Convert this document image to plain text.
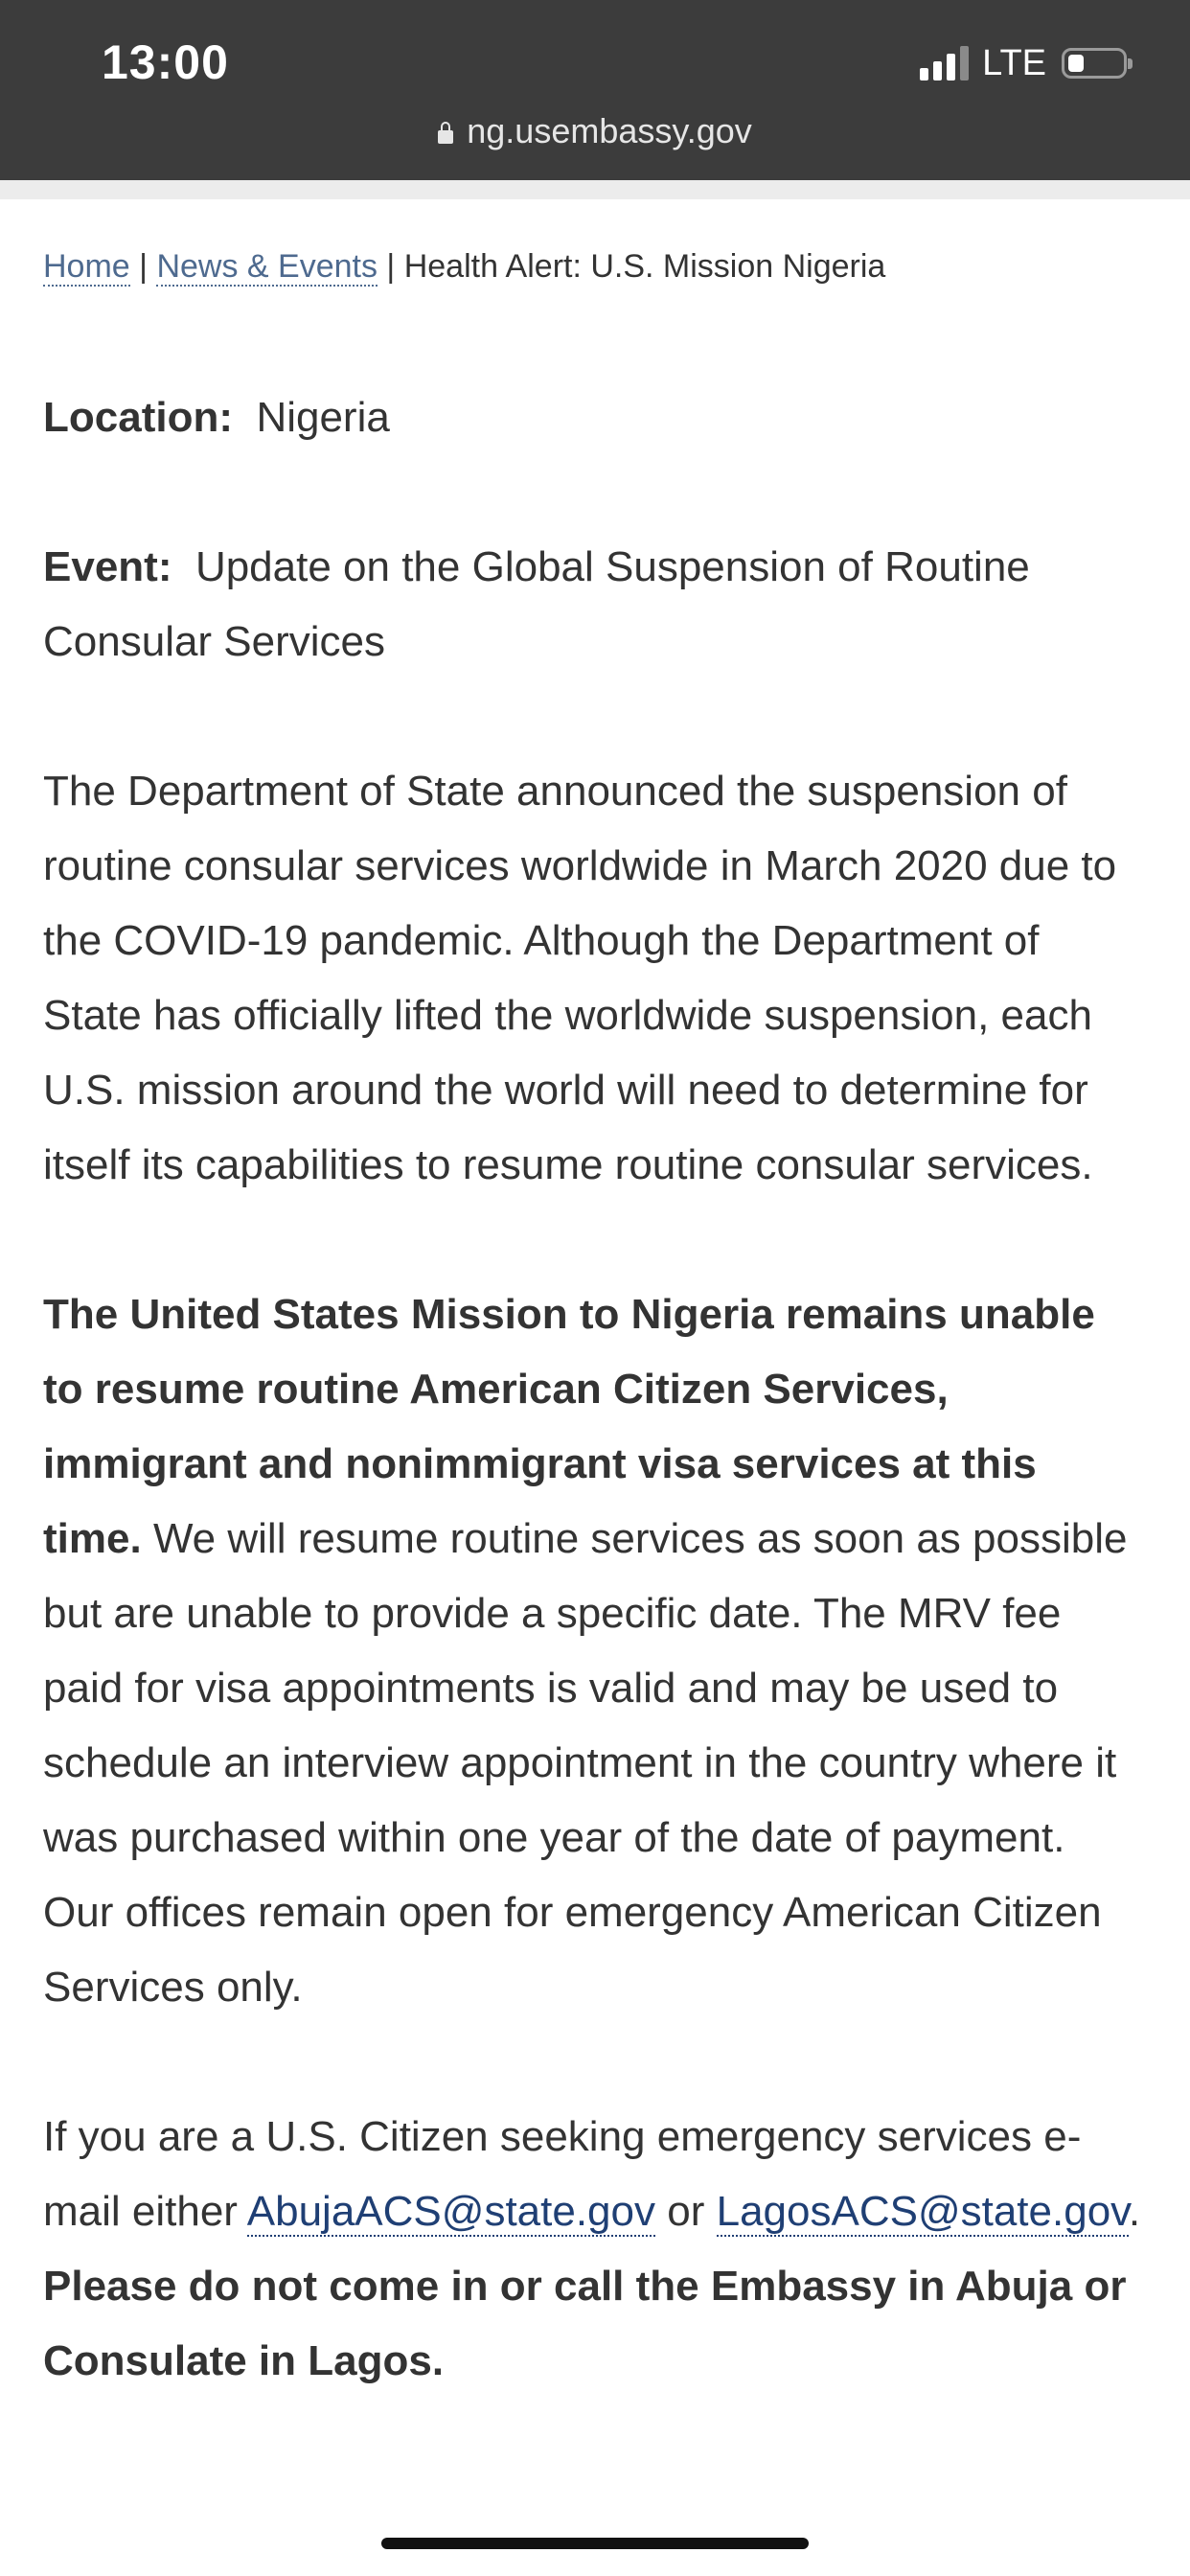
13:00	LTE
ng.usembassy.gov
Home | News & Events | Health Alert: U.S. Mission Nigeria

Location: Nigeria

Event: Update on the Global Suspension of Routine Consular Services

The Department of State announced the suspension of routine consular services worldwide in March 2020 due to the COVID-19 pandemic. Although the Department of State has officially lifted the worldwide suspension, each U.S. mission around the world will need to determine for itself its capabilities to resume routine consular services.

The United States Mission to Nigeria remains unable to resume routine American Citizen Services, immigrant and nonimmigrant visa services at this time. We will resume routine services as soon as possible but are unable to provide a specific date. The MRV fee paid for visa appointments is valid and may be used to schedule an interview appointment in the country where it was purchased within one year of the date of payment. Our offices remain open for emergency American Citizen Services only.

If you are a U.S. Citizen seeking emergency services e-mail either AbujaACS@state.gov or LagosACS@state.gov. Please do not come in or call the Embassy in Abuja or Consulate in Lagos.
